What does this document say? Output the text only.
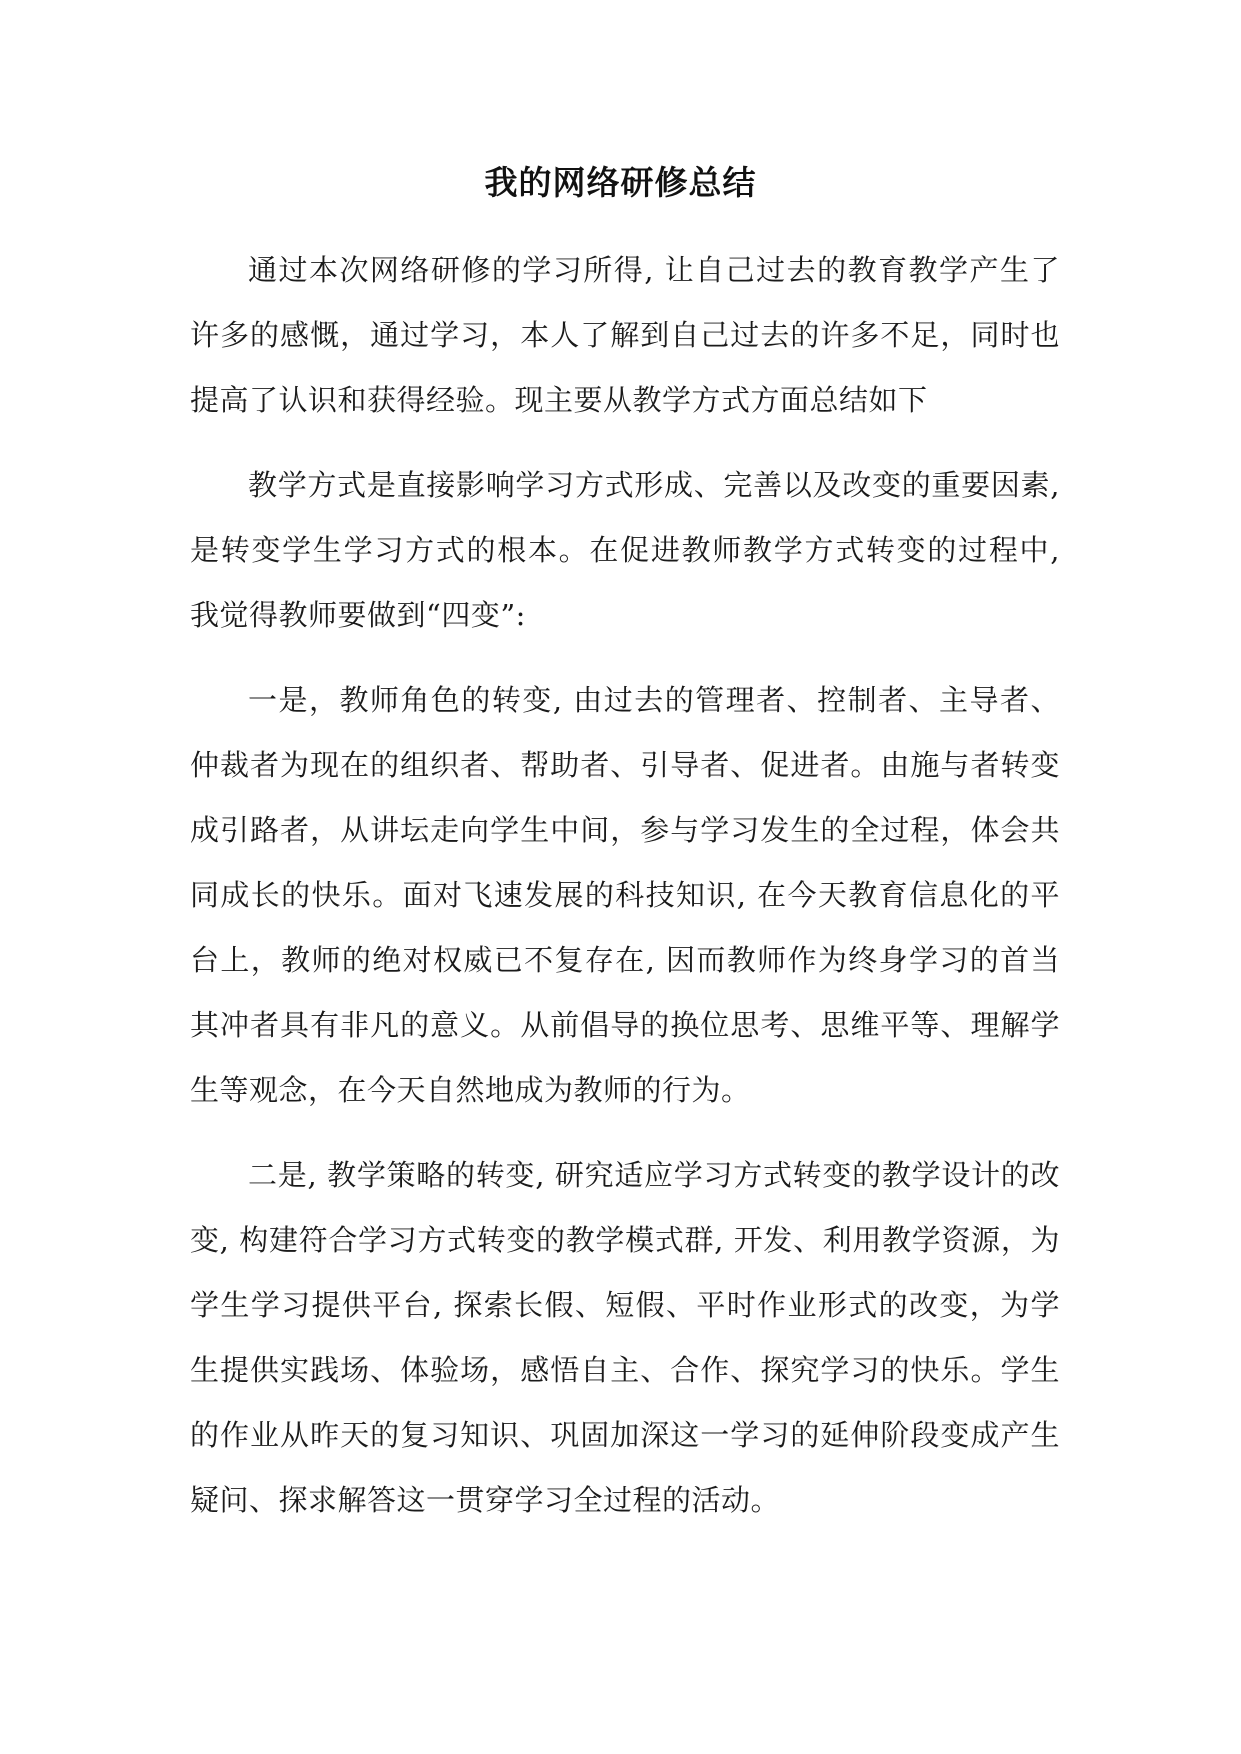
我的网络研修总结

通过本次网络研修的学习所得, 让自己过去的教育教学产生了许多的感慨，通过学习，本人了解到自己过去的许多不足，同时也提高了认识和获得经验。现主要从教学方式方面总结如下

教学方式是直接影响学习方式形成、完善以及改变的重要因素, 是转变学生学习方式的根本。在促进教师教学方式转变的过程中, 我觉得教师要做到“四变”:

一是，教师角色的转变, 由过去的管理者、控制者、主导者、仲裁者为现在的组织者、帮助者、引导者、促进者。由施与者转变成引路者，从讲坛走向学生中间，参与学习发生的全过程，体会共同成长的快乐。面对飞速发展的科技知识, 在今天教育信息化的平台上，教师的绝对权威已不复存在, 因而教师作为终身学习的首当其冲者具有非凡的意义。从前倡导的换位思考、思维平等、理解学生等观念，在今天自然地成为教师的行为。

二是, 教学策略的转变, 研究适应学习方式转变的教学设计的改变, 构建符合学习方式转变的教学模式群, 开发、利用教学资源，为学生学习提供平台, 探索长假、短假、平时作业形式的改变，为学生提供实践场、体验场，感悟自主、合作、探究学习的快乐。学生的作业从昨天的复习知识、巩固加深这一学习的延伸阶段变成产生疑问、探求解答这一贯穿学习全过程的活动。
